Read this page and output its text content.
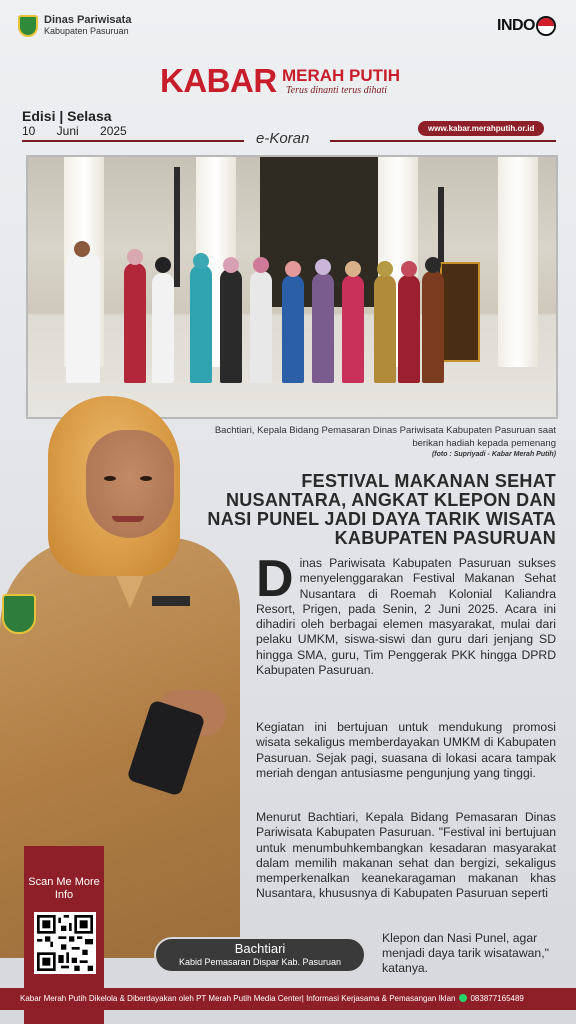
Dinas Pariwisata
Kabupaten Pasuruan	INDO
KABAR MERAH PUTIH
Terus dinanti terus dihati
Edisi | Selasa
10 Juni 2025	e-Koran
www.kabar.merahputih.or.id
Bachtiari, Kepala Bidang Pemasaran Dinas Pariwisata Kabupaten Pasuruan saat berikan hadiah kepada pemenang
(foto : Supriyadi - Kabar Merah Putih)
FESTIVAL MAKANAN SEHAT NUSANTARA, ANGKAT KLEPON DAN NASI PUNEL JADI DAYA TARIK WISATA KABUPATEN PASURUAN
D inas Pariwisata Kabupaten Pasuruan sukses menyelenggarakan Festival Makanan Sehat Nusantara di Roemah Kolonial Kaliandra Resort, Prigen, pada Senin, 2 Juni 2025. Acara ini dihadiri oleh berbagai elemen masyarakat, mulai dari pelaku UMKM, siswa-siswi dan guru dari jenjang SD hingga SMA, guru, Tim Penggerak PKK hingga DPRD Kabupaten Pasuruan.
Kegiatan ini bertujuan untuk mendukung promosi wisata sekaligus memberdayakan UMKM di Kabupaten Pasuruan. Sejak pagi, suasana di lokasi acara tampak meriah dengan antusiasme pengunjung yang tinggi.
Menurut Bachtiari, Kepala Bidang Pemasaran Dinas Pariwisata Kabupaten Pasuruan. "Festival ini bertujuan untuk menumbuhkembangkan kesadaran masyarakat dalam memilih makanan sehat dan bergizi, sekaligus memperkenalkan keanekaragaman makanan khas Nusantara, khususnya di Kabupaten Pasuruan seperti
Klepon dan Nasi Punel, agar menjadi daya tarik wisatawan," katanya.
Bachtiari
Kabid Pemasaran Dispar Kab. Pasuruan
Scan Me More Info
Kabar Merah Putih Dikelola & Diberdayakan oleh PT Merah Putih Media Center| Informasi Kerjasama & Pemasangan Iklan 083877165489
